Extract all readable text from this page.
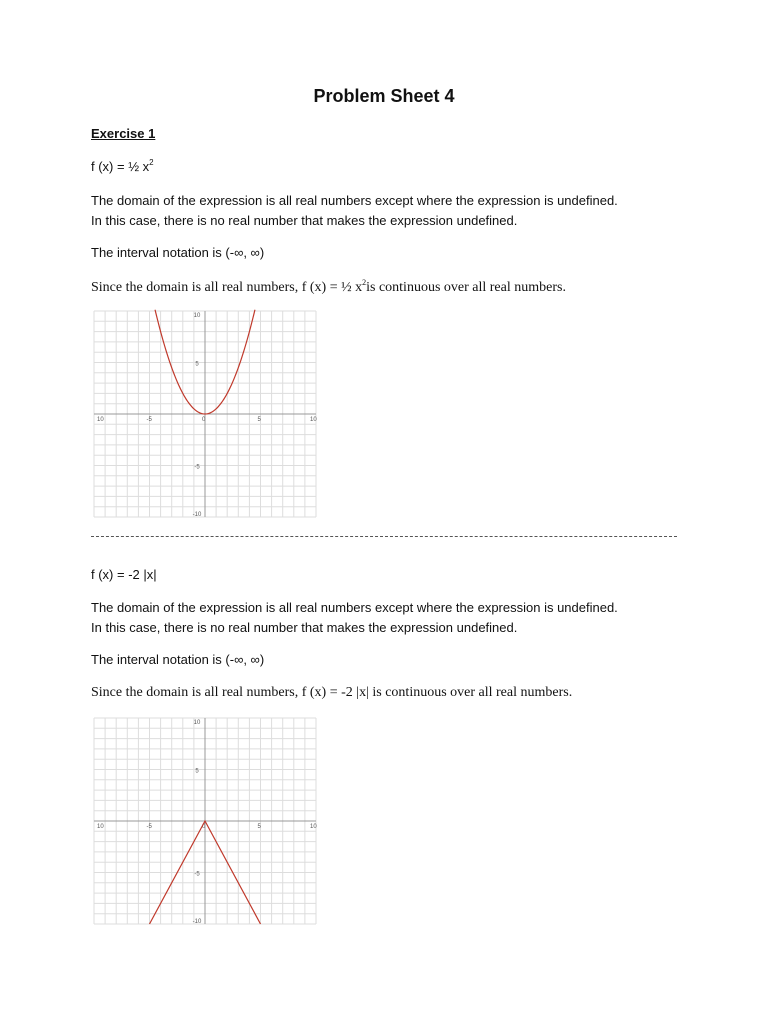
Problem Sheet 4
Exercise 1
f (x) = ½ $x^2$
The domain of the expression is all real numbers except where the expression is undefined.
In this case, there is no real number that makes the expression undefined.
The interval notation is (-∞, ∞)
Since the domain is all real numbers, f (x) = ½ $x^2is$ continuous over all real numbers.
10	-5	0	5	10
10
5
-5
-10
f (x) = -2 |x|
The domain of the expression is all real numbers except where the expression is undefined.
In this case, there is no real number that makes the expression undefined.
The interval notation is (-∞, ∞)
Since the domain is all real numbers, f (x) = -2 |x| is continuous over all real numbers.
10	-5	0	5	10
10
5
-5
-10
